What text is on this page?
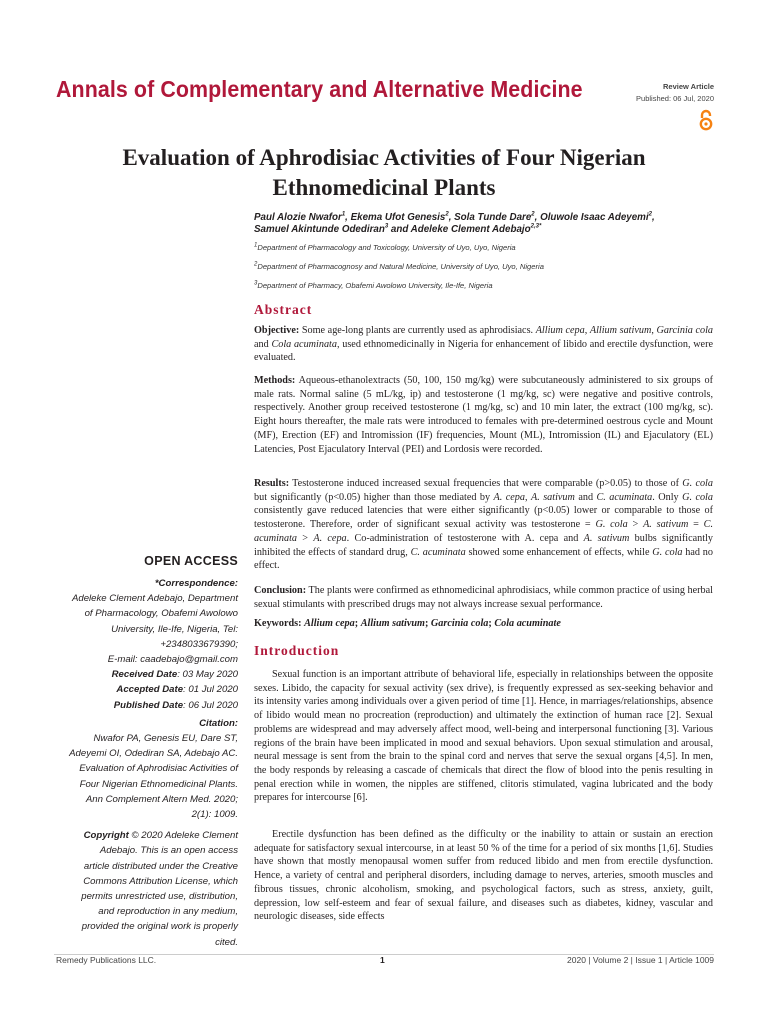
Annals of Complementary and Alternative Medicine	Review Article
Published: 06 Jul, 2020
Evaluation of Aphrodisiac Activities of Four Nigerian
Ethnomedicinal Plants
Paul Alozie Nwafor$^1$, Ekema Ufot Genesis$^2$, Sola Tunde Dare$^2$, Oluwole Isaac Adeyemi$^2$,
Samuel Akintunde Odediran$^3$ and Adeleke Clement Adebajo$^{2,3*}$
$^1$Department of Pharmacology and Toxicology, University of Uyo, Uyo, Nigeria
$^2$Department of Pharmacognosy and Natural Medicine, University of Uyo, Uyo, Nigeria
$^3$Department of Pharmacy, Obafemi Awolowo University, Ile-Ife, Nigeria
Abstract

Objective: Some age-long plants are currently used as aphrodisiacs. Allium cepa, Allium sativum, Garcinia cola and Cola acuminata, used ethnomedicinally in Nigeria for enhancement of libido and erectile dysfunction, were evaluated.

Methods: Aqueous-ethanolextracts (50, 100, 150 mg/kg) were subcutaneously administered to six groups of male rats. Normal saline (5 mL/kg, ip) and testosterone (1 mg/kg, sc) were negative and positive controls, respectively. Another group received testosterone (1 mg/kg, sc) and 10 min later, the extract (100 mg/kg, sc). Eight hours thereafter, the male rats were introduced to females with pre-determined oestrous cycle and Mount (MF), Erection (EF) and Intromission (IF) frequencies, Mount (ML), Intromission (IL) and Ejaculatory (EL) Latencies, Post Ejaculatory Interval (PEI) and Lordosis were recorded.

Results: Testosterone induced increased sexual frequencies that were comparable (p>0.05) to those of G. cola but significantly (p<0.05) higher than those mediated by A. cepa, A. sativum and C. acuminata. Only G. cola consistently gave reduced latencies that were either significantly (p<0.05) lower or comparable to those of testosterone. Therefore, order of significant sexual activity was testosterone = G. cola > A. sativum = C. acuminata > A. cepa. Co-administration of testosterone with A. cepa and A. sativum bulbs significantly inhibited the effects of standard drug, C. acuminata showed some enhancement of effects, while G. cola had no effect.

Conclusion: The plants were confirmed as ethnomedicinal aphrodisiacs, while common practice of using herbal sexual stimulants with prescribed drugs may not always increase sexual performance.

Keywords: Allium cepa; Allium sativum; Garcinia cola; Cola acuminate
Introduction

Sexual function is an important attribute of behavioral life, especially in relationships between the opposite sexes. Libido, the capacity for sexual activity (sex drive), is frequently expressed as sex-seeking behavior and its intensity varies among individuals over a given period of time [1]. Hence, in marriages/relationships, absence of libido would mean no procreation (reproduction) and ultimately the extinction of human race [2]. Sexual problems are widespread and may adversely affect mood, well-being and interpersonal functioning [3]. Various regions of the brain have been implicated in mood and sexual behaviors. Upon sexual stimulation and arousal, neural message is sent from the brain to the spinal cord and nerves that serve the sexual organs [4,5]. In men, the body responds by releasing a cascade of chemicals that direct the flow of blood into the penis resulting in penal erection while in women, the nipples are stiffened, clitoris stimulated, vagina lubricated and the body prepares for intercourse [6].

Erectile dysfunction has been defined as the difficulty or the inability to attain or sustain an erection adequate for satisfactory sexual intercourse, in at least 50 % of the time for a period of six months [1,6]. Studies have shown that mostly menopausal women suffer from reduced libido and men from erectile dysfunction. Hence, a variety of central and peripheral disorders, including damage to nerves, arteries, smooth muscles and fibrous tissues, chronic alcoholism, smoking, and psychological factors, such as stress, anxiety, guilt, depression, low self-esteem and fear of sexual failure, and diseases such as diabetes, kidney, vascular and neurologic diseases, side effects

OPEN ACCESS
*Correspondence:
Adeleke Clement Adebajo, Department
of Pharmacology, Obafemi Awolowo
University, Ile-Ife, Nigeria, Tel:
+2348033679390;
E-mail: caadebajo@gmail.com
Received Date: 03 May 2020
Accepted Date: 01 Jul 2020
Published Date: 06 Jul 2020
Citation:
Nwafor PA, Genesis EU, Dare ST,
Adeyemi OI, Odediran SA, Adebajo AC.
Evaluation of Aphrodisiac Activities of
Four Nigerian Ethnomedicinal Plants.
Ann Complement Altern Med. 2020;
2(1): 1009.
Copyright © 2020 Adeleke Clement
Adebajo. This is an open access
article distributed under the Creative
Commons Attribution License, which
permits unrestricted use, distribution,
and reproduction in any medium,
provided the original work is properly
cited.
Remedy Publications LLC.	1	2020 | Volume 2 | Issue 1 | Article 1009
